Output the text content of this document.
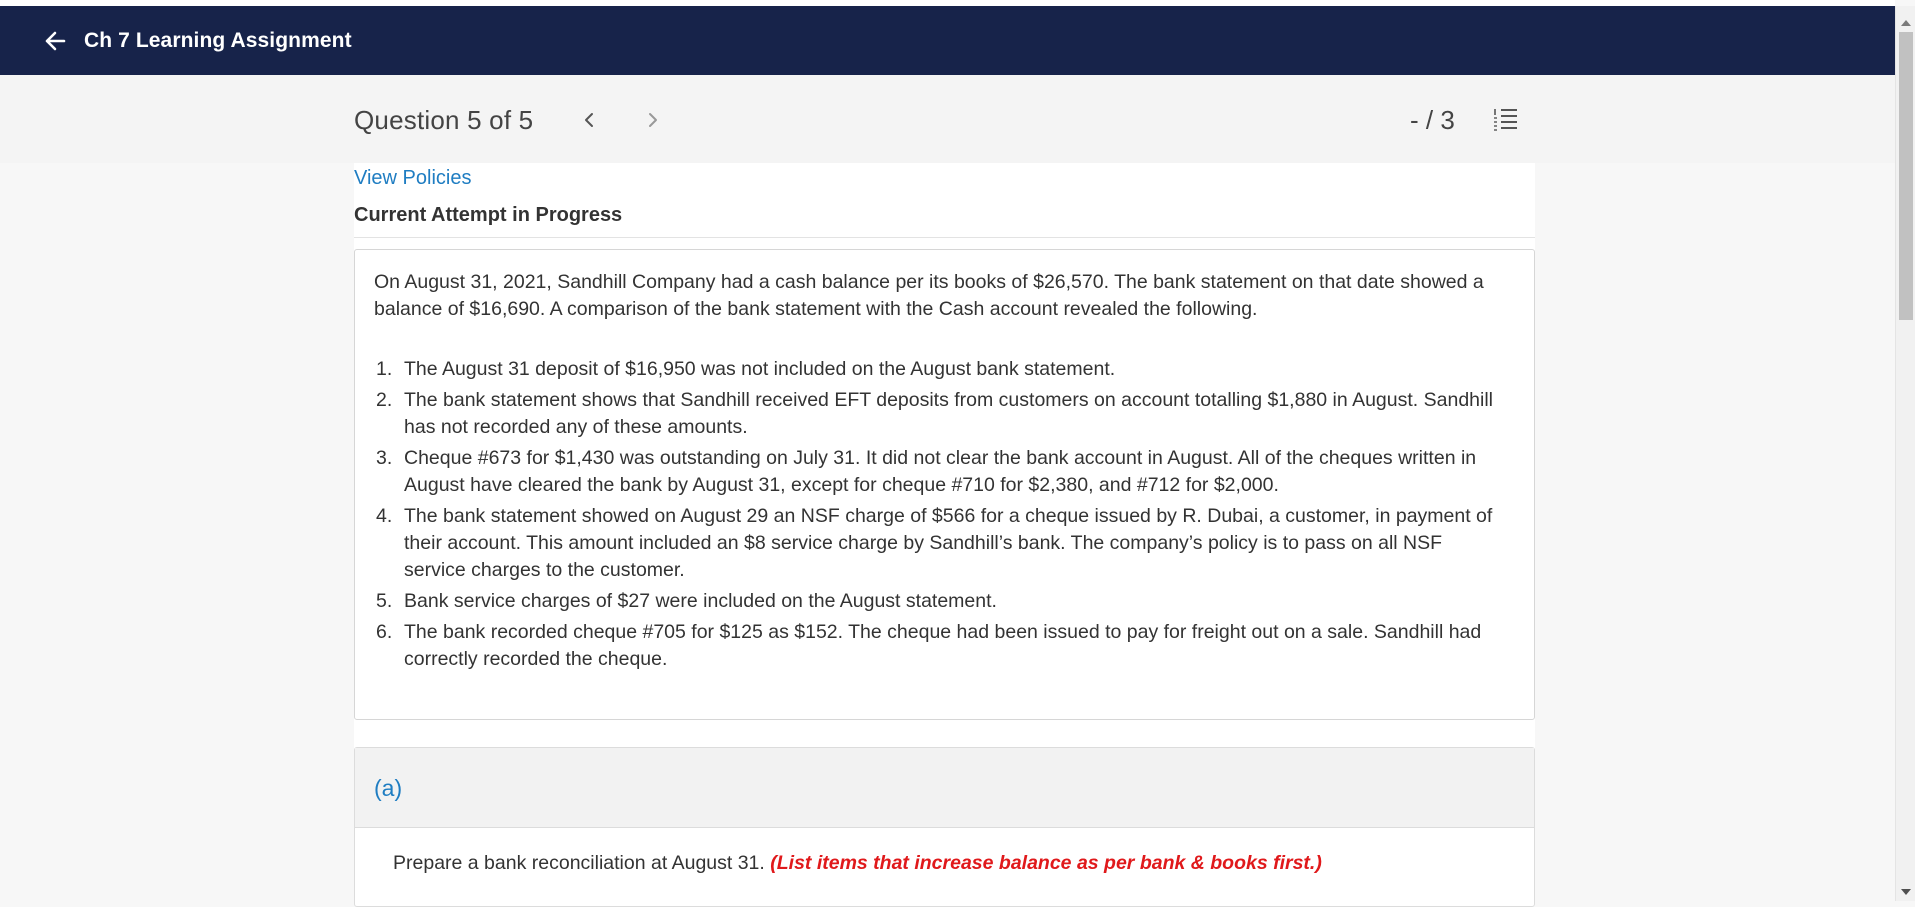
Ch 7 Learning Assignment
Question 5 of 5	- / 3
View Policies
Current Attempt in Progress

On August 31, 2021, Sandhill Company had a cash balance per its books of $26,570. The bank statement on that date showed a balance of $16,690. A comparison of the bank statement with the Cash account revealed the following.

1. The August 31 deposit of $16,950 was not included on the August bank statement.
2. The bank statement shows that Sandhill received EFT deposits from customers on account totalling $1,880 in August. Sandhill has not recorded any of these amounts.
3. Cheque #673 for $1,430 was outstanding on July 31. It did not clear the bank account in August. All of the cheques written in August have cleared the bank by August 31, except for cheque #710 for $2,380, and #712 for $2,000.
4. The bank statement showed on August 29 an NSF charge of $566 for a cheque issued by R. Dubai, a customer, in payment of their account. This amount included an $8 service charge by Sandhill’s bank. The company’s policy is to pass on all NSF service charges to the customer.
5. Bank service charges of $27 were included on the August statement.
6. The bank recorded cheque #705 for $125 as $152. The cheque had been issued to pay for freight out on a sale. Sandhill had correctly recorded the cheque.
(a)

Prepare a bank reconciliation at August 31. (List items that increase balance as per bank & books first.)
